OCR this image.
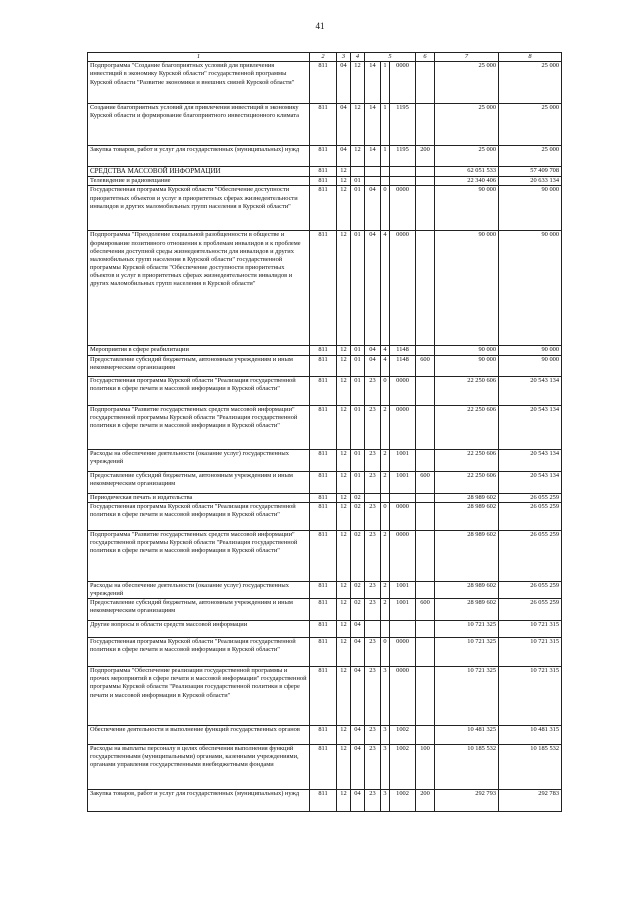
41
1	2	3	4	5			6	7	8
Подпрограмма "Создание благоприятных условий для привлечения инвестиций в экономику Курской области" государственной программы Курской области "Развитие экономики и внешних связей Курской области"	811	04	12	14	1	0000		25 000	25 000
Создание благоприятных условий для привлечения инвестиций в экономику Курской области и формирование благоприятного инвестиционного климата	811	04	12	14	1	1195		25 000	25 000
Закупка товаров, работ и услуг для государственных (муниципальных) нужд	811	04	12	14	1	1195	200	25 000	25 000
СРЕДСТВА МАССОВОЙ ИНФОРМАЦИИ	811	12						62 051 533	57 409 708
Телевидение и радиовещание	811	12	01					22 340 406	20 633 134
Государственная программа Курской области "Обеспечение доступности приоритетных объектов и услуг в приоритетных сферах жизнедеятельности инвалидов и других маломобильных групп населения в Курской области"	811	12	01	04	0	0000		90 000	90 000
Подпрограмма "Преодоление социальной разобщенности в обществе и формирование позитивного отношения к проблемам инвалидов и к проблеме обеспечения доступной среды жизнедеятельности для инвалидов и других маломобильных групп населения в Курской области" государственной программы Курской области "Обеспечение доступности приоритетных объектов и услуг в приоритетных сферах жизнедеятельности инвалидов и других маломобильных групп населения в Курской области"	811	12	01	04	4	0000		90 000	90 000
Мероприятия в сфере реабилитации	811	12	01	04	4	1148		90 000	90 000
Предоставление субсидий бюджетным, автономным учреждениям и иным некоммерческим организациям	811	12	01	04	4	1148	600	90 000	90 000
Государственная программа Курской области "Реализация государственной политики в сфере печати и массовой информации в Курской области"	811	12	01	23	0	0000		22 250 606	20 543 134
Подпрограмма "Развитие государственных средств массовой информации" государственной программы Курской области "Реализация государственной политики в сфере печати и массовой информации в Курской области"	811	12	01	23	2	0000		22 250 606	20 543 134
Расходы на обеспечение деятельности (оказание услуг) государственных учреждений	811	12	01	23	2	1001		22 250 606	20 543 134
Предоставление субсидий бюджетным, автономным учреждениям и иным некоммерческим организациям	811	12	01	23	2	1001	600	22 250 606	20 543 134
Периодическая печать и издательства	811	12	02					28 989 602	26 055 259
Государственная программа Курской области "Реализация государственной политики в сфере печати и массовой информации в Курской области"	811	12	02	23	0	0000		28 989 602	26 055 259
Подпрограмма "Развитие государственных средств массовой информации" государственной программы Курской области "Реализация государственной политики в сфере печати и массовой информации в Курской области"	811	12	02	23	2	0000		28 989 602	26 055 259
Расходы на обеспечение деятельности (оказание услуг) государственных учреждений	811	12	02	23	2	1001		28 989 602	26 055 259
Предоставление субсидий бюджетным, автономным учреждениям и иным некоммерческим организациям	811	12	02	23	2	1001	600	28 989 602	26 055 259
Другие вопросы в области средств массовой информации	811	12	04					10 721 325	10 721 315
Государственная программа Курской области "Реализация государственной политики в сфере печати и массовой информации в Курской области"	811	12	04	23	0	0000		10 721 325	10 721 315
Подпрограмма "Обеспечение реализации государственной программы и прочих мероприятий в сфере печати и массовой информации" государственной программы Курской области "Реализация государственной политики в сфере печати и массовой информации в Курской области"	811	12	04	23	3	0000		10 721 325	10 721 315
Обеспечение деятельности и выполнение функций государственных органов	811	12	04	23	3	1002		10 481 325	10 481 315
Расходы на выплаты персоналу в целях обеспечения выполнения функций государственными (муниципальными) органами, казенными учреждениями, органами управления государственными внебюджетными фондами	811	12	04	23	3	1002	100	10 185 532	10 185 532
Закупка товаров, работ и услуг для государственных (муниципальных) нужд	811	12	04	23	3	1002	200	292 793	292 783
